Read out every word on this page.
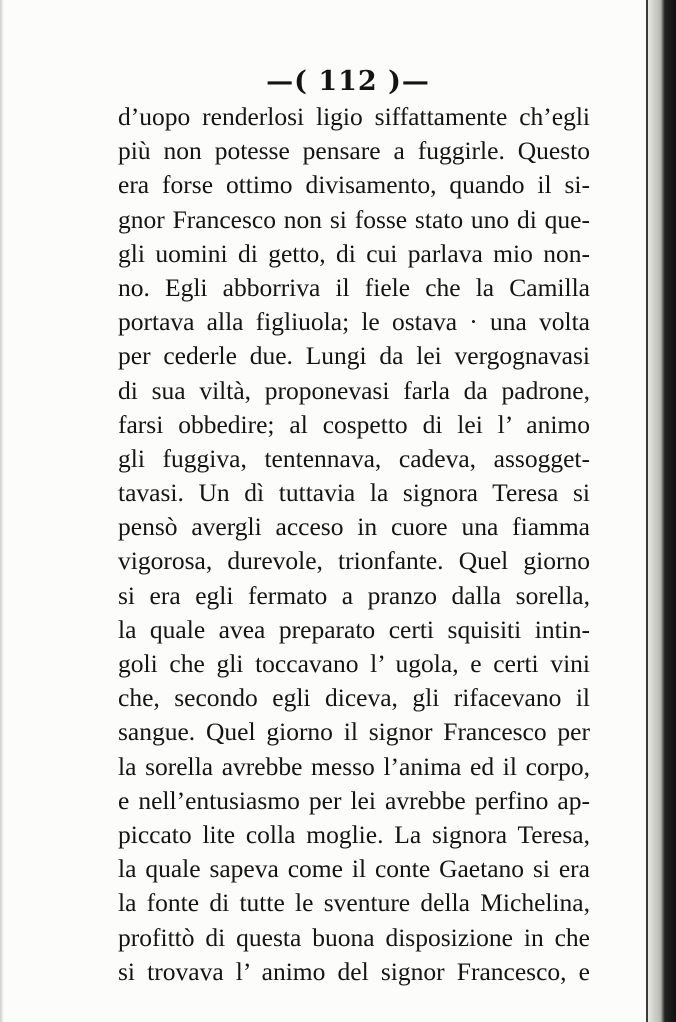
—( 112 )—
d’uopo renderlosi ligio siffattamente ch’egli
più non potesse pensare a fuggirle. Questo
era forse ottimo divisamento, quando il si-
gnor Francesco non si fosse stato uno di que-
gli uomini di getto, di cui parlava mio non-
no. Egli abborriva il fiele che la Camilla
portava alla figliuola; le ostava · una volta
per cederle due. Lungi da lei vergognavasi
di sua viltà, proponevasi farla da padrone,
farsi obbedire; al cospetto di lei l’ animo
gli fuggiva, tentennava, cadeva, assogget-
tavasi. Un dì tuttavia la signora Teresa si
pensò avergli acceso in cuore una fiamma
vigorosa, durevole, trionfante. Quel giorno
si era egli fermato a pranzo dalla sorella,
la quale avea preparato certi squisiti intin-
goli che gli toccavano l’ ugola, e certi vini
che, secondo egli diceva, gli rifacevano il
sangue. Quel giorno il signor Francesco per
la sorella avrebbe messo l’anima ed il corpo,
e nell’entusiasmo per lei avrebbe perfino ap-
piccato lite colla moglie. La signora Teresa,
la quale sapeva come il conte Gaetano si era
la fonte di tutte le sventure della Michelina,
profittò di questa buona disposizione in che
si trovava l’ animo del signor Francesco, e
